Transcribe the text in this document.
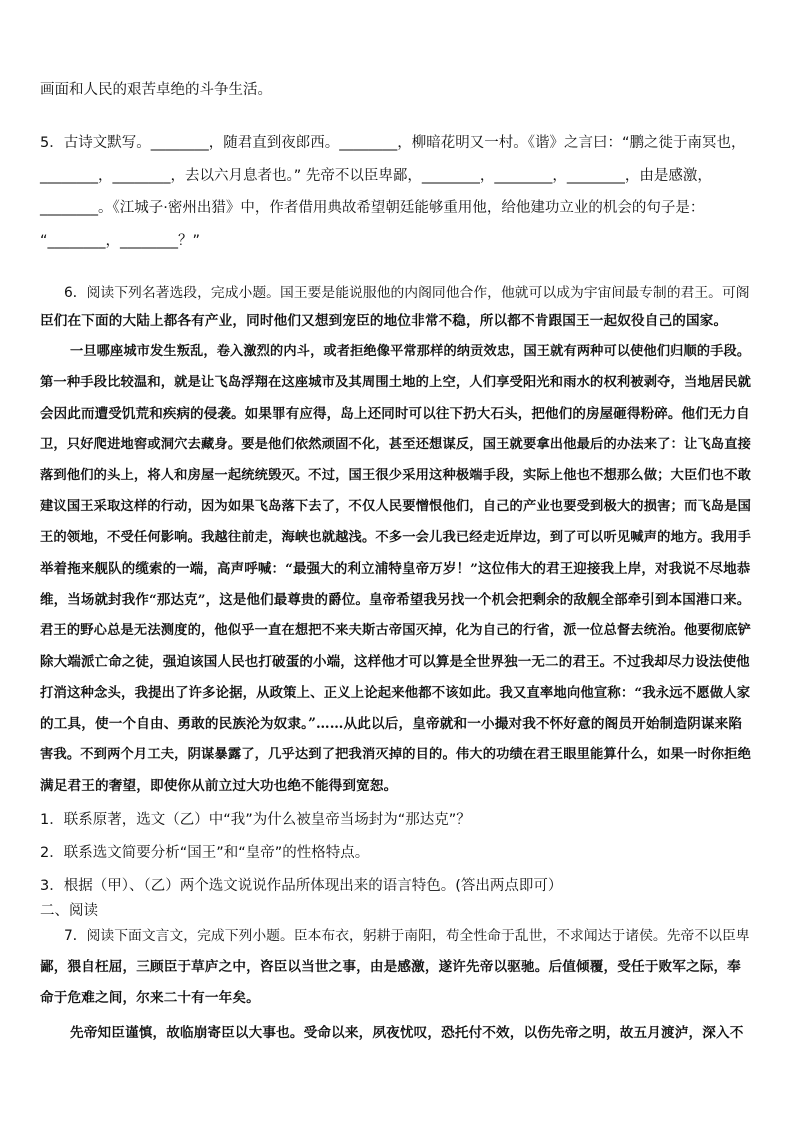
画面和人民的艰苦卓绝的斗争生活。

5．古诗文默写。________，随君直到夜郎西。________，柳暗花明又一村。《谐》之言曰：“鹏之徙于南冥也，

________，________，去以六月息者也。” 先帝不以臣卑鄙，________，________，________，由是感激，

________。《江城子·密州出猎》中，作者借用典故希望朝廷能够重用他，给他建功立业的机会的句子是：

“________，________？”

6．阅读下列名著选段，完成小题。国王要是能说服他的内阁同他合作，他就可以成为宇宙间最专制的君王。可阁

臣们在下面的大陆上都各有产业，同时他们又想到宠臣的地位非常不稳，所以都不肯跟国王一起奴役自己的国家。

一旦哪座城市发生叛乱，卷入激烈的内斗，或者拒绝像平常那样的纳贡效忠，国王就有两种可以使他们归顺的手段。

第一种手段比较温和，就是让飞岛浮翔在这座城市及其周围土地的上空，人们享受阳光和雨水的权利被剥夺，当地居民就

会因此而遭受饥荒和疾病的侵袭。如果罪有应得，岛上还同时可以往下扔大石头，把他们的房屋砸得粉碎。他们无力自

卫，只好爬进地窖或洞穴去藏身。要是他们依然顽固不化，甚至还想谋反，国王就要拿出他最后的办法来了：让飞岛直接

落到他们的头上，将人和房屋一起统统毁灭。不过，国王很少采用这种极端手段，实际上他也不想那么做；大臣们也不敢

建议国王采取这样的行动，因为如果飞岛落下去了，不仅人民要憎恨他们，自己的产业也要受到极大的损害；而飞岛是国

王的领地，不受任何影响。我越往前走，海峡也就越浅。不多一会儿我已经走近岸边，到了可以听见喊声的地方。我用手

举着拖来舰队的缆索的一端，高声呼喊：“最强大的利立浦特皇帝万岁！”这位伟大的君王迎接我上岸，对我说不尽地恭

维，当场就封我作“那达克”，这是他们最尊贵的爵位。皇帝希望我另找一个机会把剩余的敌舰全部牵引到本国港口来。

君王的野心总是无法测度的，他似乎一直在想把不来夫斯古帝国灭掉，化为自己的行省，派一位总督去统治。他要彻底铲

除大端派亡命之徒，强迫该国人民也打破蛋的小端，这样他才可以算是全世界独一无二的君王。不过我却尽力设法使他

打消这种念头，我提出了许多论据，从政策上、正义上论起来他都不该如此。我又直率地向他宣称：“我永远不愿做人家

的工具，使一个自由、勇敢的民族沦为奴隶。”……从此以后，皇帝就和一小撮对我不怀好意的阁员开始制造阴谋来陷

害我。不到两个月工夫，阴谋暴露了，几乎达到了把我消灭掉的目的。伟大的功绩在君王眼里能算什么，如果一时你拒绝

满足君王的奢望，即使你从前立过大功也绝不能得到宽恕。

1．联系原著，选文（乙）中“我”为什么被皇帝当场封为“那达克”？

2．联系选文简要分析“国王”和“皇帝”的性格特点。

3．根据（甲）、（乙）两个选文说说作品所体现出来的语言特色。(答出两点即可）

二、阅读

7．阅读下面文言文，完成下列小题。臣本布衣，躬耕于南阳，苟全性命于乱世，不求闻达于诸侯。先帝不以臣卑

鄙，猥自枉屈，三顾臣于草庐之中，咨臣以当世之事，由是感激，遂许先帝以驱驰。后值倾覆，受任于败军之际，奉

命于危难之间，尔来二十有一年矣。

先帝知臣谨慎，故临崩寄臣以大事也。受命以来，夙夜忧叹，恐托付不效，以伤先帝之明，故五月渡泸，深入不
